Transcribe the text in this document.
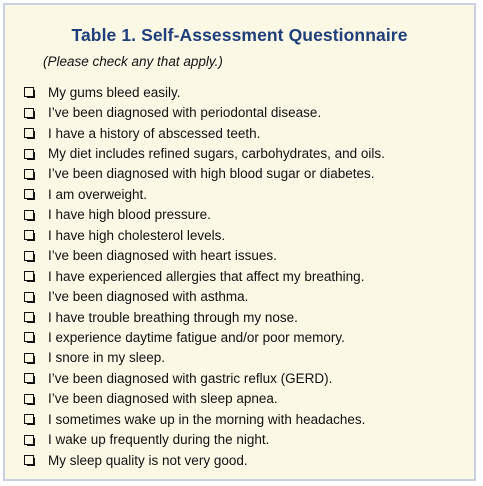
Table 1. Self-Assessment Questionnaire
(Please check any that apply.)
My gums bleed easily.
I’ve been diagnosed with periodontal disease.
I have a history of abscessed teeth.
My diet includes refined sugars, carbohydrates, and oils.
I’ve been diagnosed with high blood sugar or diabetes.
I am overweight.
I have high blood pressure.
I have high cholesterol levels.
I’ve been diagnosed with heart issues.
I have experienced allergies that affect my breathing.
I’ve been diagnosed with asthma.
I have trouble breathing through my nose.
I experience daytime fatigue and/or poor memory.
I snore in my sleep.
I’ve been diagnosed with gastric reflux (GERD).
I’ve been diagnosed with sleep apnea.
I sometimes wake up in the morning with headaches.
I wake up frequently during the night.
My sleep quality is not very good.
